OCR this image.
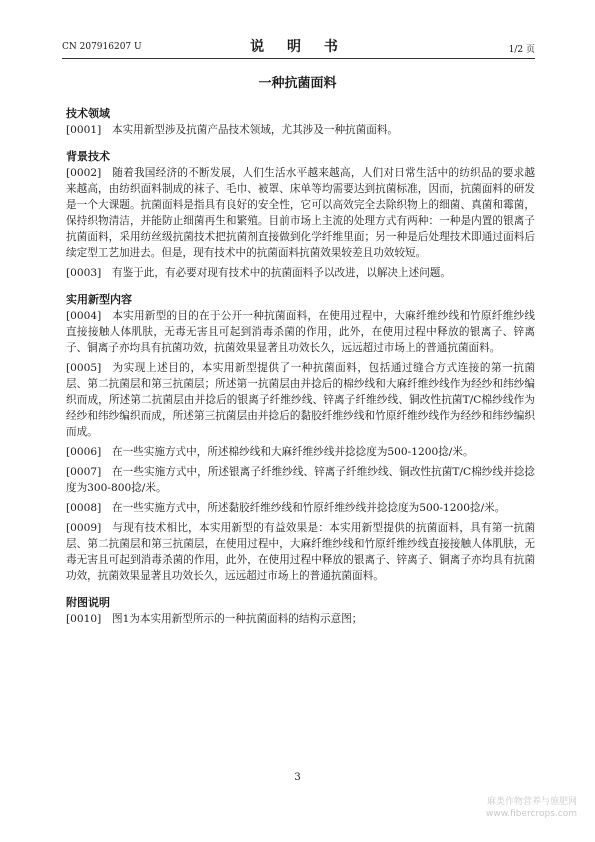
CN 207916207 U	说 明 书	1/2 页
一种抗菌面料
技术领域
[0001] 本实用新型涉及抗菌产品技术领域，尤其涉及一种抗菌面料。
背景技术
[0002] 随着我国经济的不断发展，人们生活水平越来越高，人们对日常生活中的纺织品的要求越来越高，由纺织面料制成的袜子、毛巾、被罩、床单等均需要达到抗菌标准，因而，抗菌面料的研发是一个大课题。抗菌面料是指具有良好的安全性，它可以高效完全去除织物上的细菌、真菌和霉菌，保持织物清洁，并能防止细菌再生和繁殖。目前市场上主流的处理方式有两种：一种是内置的银离子抗菌面料，采用纺丝级抗菌技术把抗菌剂直接做到化学纤维里面；另一种是后处理技术即通过面料后续定型工艺加进去。但是，现有技术中的抗菌面料抗菌效果较差且功效较短。
[0003] 有鉴于此，有必要对现有技术中的抗菌面料予以改进，以解决上述问题。
实用新型内容
[0004] 本实用新型的目的在于公开一种抗菌面料，在使用过程中，大麻纤维纱线和竹原纤维纱线直接接触人体肌肤，无毒无害且可起到消毒杀菌的作用，此外，在使用过程中释放的银离子、锌离子、铜离子亦均具有抗菌功效，抗菌效果显著且功效长久，远远超过市场上的普通抗菌面料。
[0005] 为实现上述目的，本实用新型提供了一种抗菌面料，包括通过缝合方式连接的第一抗菌层、第二抗菌层和第三抗菌层；所述第一抗菌层由并捻后的棉纱线和大麻纤维纱线作为经纱和纬纱编织而成，所述第二抗菌层由并捻后的银离子纤维纱线、锌离子纤维纱线、铜改性抗菌T/C棉纱线作为经纱和纬纱编织而成，所述第三抗菌层由并捻后的黏胶纤维纱线和竹原纤维纱线作为经纱和纬纱编织而成。
[0006] 在一些实施方式中，所述棉纱线和大麻纤维纱线并捻捻度为500-1200捻/米。
[0007] 在一些实施方式中，所述银离子纤维纱线、锌离子纤维纱线、铜改性抗菌T/C棉纱线并捻捻度为300-800捻/米。
[0008] 在一些实施方式中，所述黏胶纤维纱线和竹原纤维纱线并捻捻度为500-1200捻/米。
[0009] 与现有技术相比，本实用新型的有益效果是：本实用新型提供的抗菌面料，具有第一抗菌层、第二抗菌层和第三抗菌层，在使用过程中，大麻纤维纱线和竹原纤维纱线直接接触人体肌肤，无毒无害且可起到消毒杀菌的作用，此外，在使用过程中释放的银离子、锌离子、铜离子亦均具有抗菌功效，抗菌效果显著且功效长久，远远超过市场上的普通抗菌面料。
附图说明
[0010] 图1为本实用新型所示的一种抗菌面料的结构示意图；
3
麻类作物营养与施肥网
www.fibercrops.com
